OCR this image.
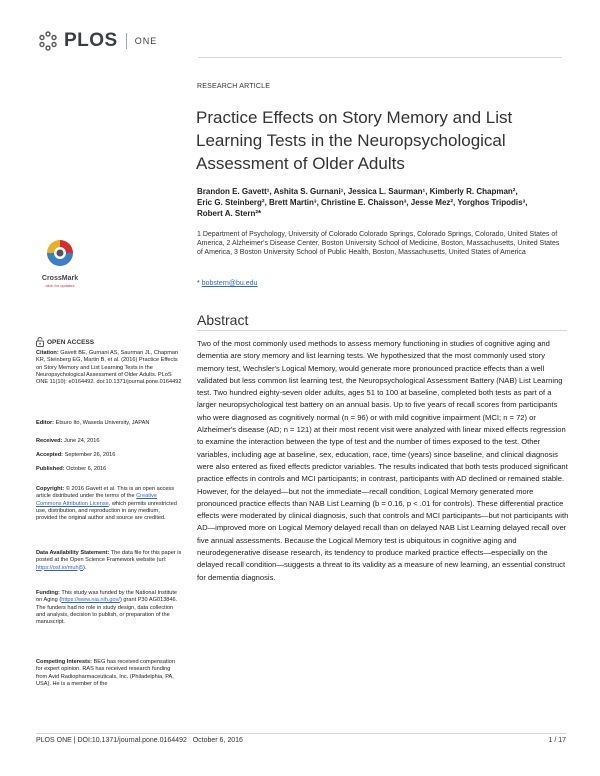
PLOS ONE
RESEARCH ARTICLE
Practice Effects on Story Memory and List Learning Tests in the Neuropsychological Assessment of Older Adults
Brandon E. Gavett¹, Ashita S. Gurnani¹, Jessica L. Saurman¹, Kimberly R. Chapman²,
Eric G. Steinberg², Brett Martin³, Christine E. Chaisson³, Jesse Mez², Yorghos Tripodis³,
Robert A. Stern²*
1 Department of Psychology, University of Colorado Colorado Springs, Colorado Springs, Colorado, United States of America, 2 Alzheimer's Disease Center, Boston University School of Medicine, Boston, Massachusetts, United States of America, 3 Boston University School of Public Health, Boston, Massachusetts, United States of America
* bobstern@bu.edu
CrossMark
click for updates
OPEN ACCESS
Citation: Gavett BE, Gurnani AS, Saurman JL, Chapman KR, Steinberg EG, Martin B, et al. (2016) Practice Effects on Story Memory and List Learning Tests in the Neuropsychological Assessment of Older Adults. PLoS ONE 11(10): e0164492. doi:10.1371/journal.pone.0164492
Editor: Etsuro Ito, Waseda University, JAPAN
Received: June 24, 2016
Accepted: September 26, 2016
Published: October 6, 2016
Copyright: © 2016 Gavett et al. This is an open access article distributed under the terms of the Creative Commons Attribution License, which permits unrestricted use, distribution, and reproduction in any medium, provided the original author and source are credited.
Data Availability Statement: The data file for this paper is posted at the Open Science Framework website (url: https://osf.io/muhj5).
Funding: This study was funded by the National Institute on Aging (https://www.nia.nih.gov/) grant P30 AG013846. The funders had no role in study design, data collection and analysis, decision to publish, or preparation of the manuscript.
Competing Interests: BEG has received compensation for expert opinion. RAS has received research funding from Avid Radiopharmaceuticals, Inc. (Philadelphia, PA, USA). He is a member of the
Abstract
Two of the most commonly used methods to assess memory functioning in studies of cognitive aging and dementia are story memory and list learning tests. We hypothesized that the most commonly used story memory test, Wechsler's Logical Memory, would generate more pronounced practice effects than a well validated but less common list learning test, the Neuropsychological Assessment Battery (NAB) List Learning test. Two hundred eighty-seven older adults, ages 51 to 100 at baseline, completed both tests as part of a larger neuropsychological test battery on an annual basis. Up to five years of recall scores from participants who were diagnosed as cognitively normal (n = 96) or with mild cognitive impairment (MCI; n = 72) or Alzheimer's disease (AD; n = 121) at their most recent visit were analyzed with linear mixed effects regression to examine the interaction between the type of test and the number of times exposed to the test. Other variables, including age at baseline, sex, education, race, time (years) since baseline, and clinical diagnosis were also entered as fixed effects predictor variables. The results indicated that both tests produced significant practice effects in controls and MCI participants; in contrast, participants with AD declined or remained stable. However, for the delayed—but not the immediate—recall condition, Logical Memory generated more pronounced practice effects than NAB List Learning (b = 0.16, p < .01 for controls). These differential practice effects were moderated by clinical diagnosis, such that controls and MCI participants—but not participants with AD—improved more on Logical Memory delayed recall than on delayed NAB List Learning delayed recall over five annual assessments. Because the Logical Memory test is ubiquitous in cognitive aging and neurodegenerative disease research, its tendency to produce marked practice effects—especially on the delayed recall condition—suggests a threat to its validity as a measure of new learning, an essential construct for dementia diagnosis.
PLOS ONE | DOI:10.1371/journal.pone.0164492   October 6, 2016	1 / 17
